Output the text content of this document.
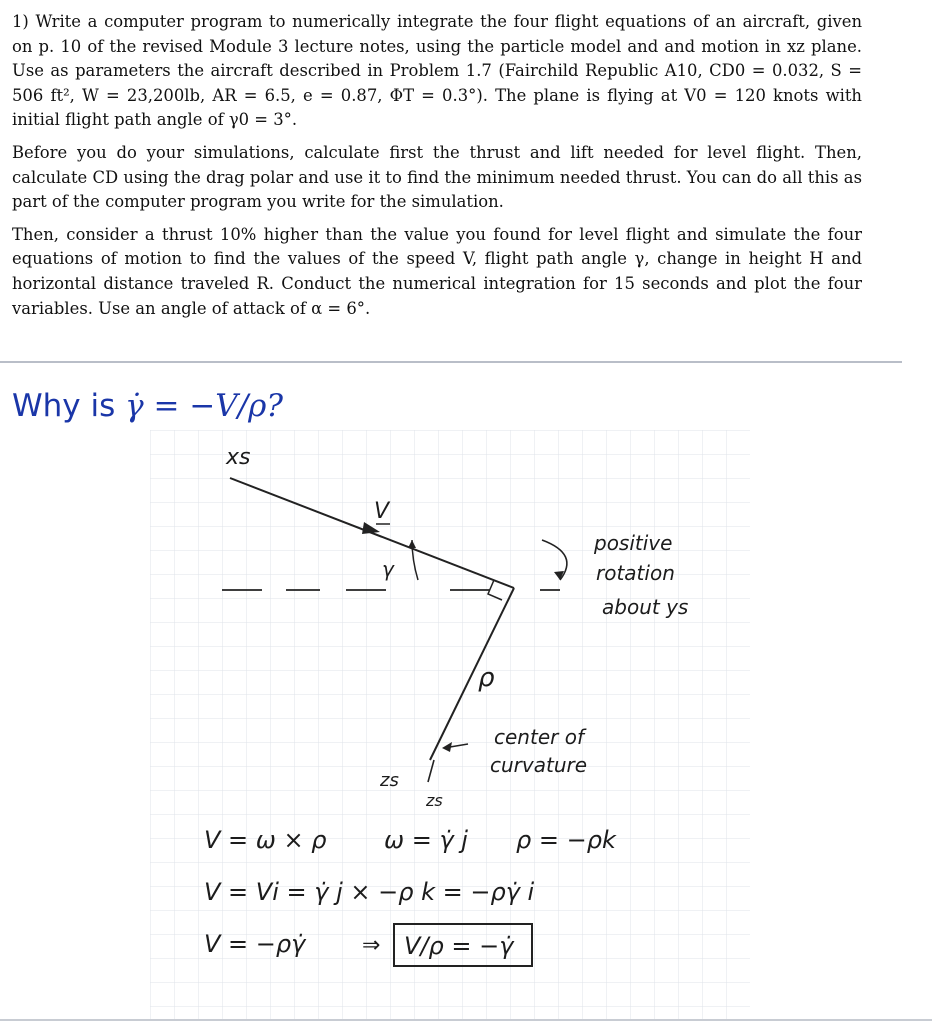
1) Write a computer program to numerically integrate the four flight equations of an aircraft, given on p. 10 of the revised Module 3 lecture notes, using the particle model and and motion in xz plane. Use as parameters the aircraft described in Problem 1.7 (Fairchild Republic A10, CD0 = 0.032, S = 506 ft², W = 23,200lb, AR = 6.5, e = 0.87, ΦT = 0.3°). The plane is flying at V0 = 120 knots with initial flight path angle of γ0 = 3°.

Before you do your simulations, calculate first the thrust and lift needed for level flight. Then, calculate CD using the drag polar and use it to find the minimum needed thrust. You can do all this as part of the computer program you write for the simulation.

Then, consider a thrust 10% higher than the value you found for level flight and simulate the four equations of motion to find the values of the speed V, flight path angle γ, change in height H and horizontal distance traveled R. Conduct the numerical integration for 15 seconds and plot the four variables. Use an angle of attack of α = 6°.

Why is γ̇ = −V/ρ?
xs
V
γ
ρ
zs
zs
positive
rotation
about ys
center of
curvature
V = ω × ρ ω = γ̇ j ρ = −ρk
V = Vi = γ̇ j × −ρ k = −ργ̇ i
V = −ργ̇	⇒ V/ρ = −γ̇
